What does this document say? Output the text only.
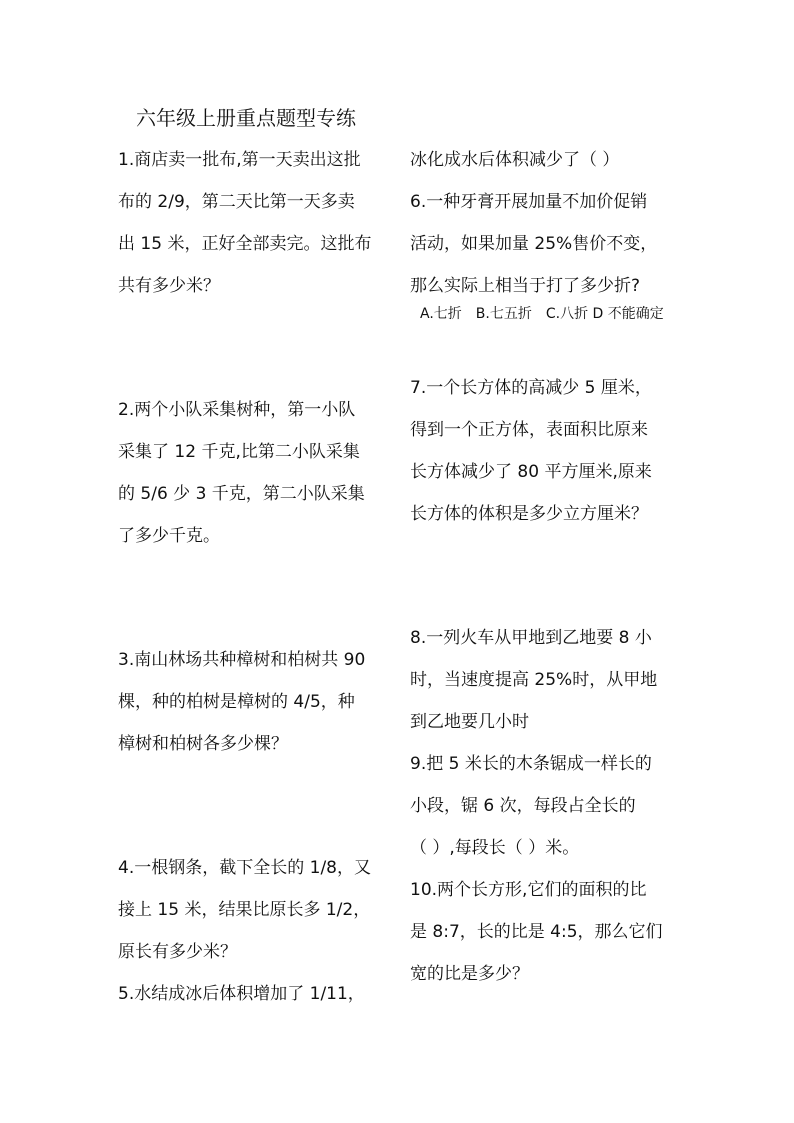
六年级上册重点题型专练
1.商店卖一批布,第一天卖出这批
布的 2/9，第二天比第一天多卖
出 15 米，正好全部卖完。这批布
共有多少米？
2.两个小队采集树种，第一小队
采集了 12 千克,比第二小队采集
的 5/6 少 3 千克，第二小队采集
了多少千克。
3.南山林场共种樟树和柏树共 90
棵，种的柏树是樟树的 4/5，种
樟树和柏树各多少棵？
4.一根钢条，截下全长的 1/8，又
接上 15 米，结果比原长多 1/2，
原长有多少米？
5.水结成冰后体积增加了 1/11，
冰化成水后体积减少了（ ）
6.一种牙膏开展加量不加价促销
活动，如果加量 25%售价不变，
那么实际上相当于打了多少折?
A.七折 B.七五折 C.八折 D 不能确定
7.一个长方体的高减少 5 厘米，
得到一个正方体，表面积比原来
长方体减少了 80 平方厘米,原来
长方体的体积是多少立方厘米？
8.一列火车从甲地到乙地要 8 小
时，当速度提高 25%时，从甲地
到乙地要几小时
9.把 5 米长的木条锯成一样长的
小段，锯 6 次，每段占全长的
（ ）,每段长（ ）米。
10.两个长方形,它们的面积的比
是 8:7，长的比是 4:5，那么它们
宽的比是多少？
